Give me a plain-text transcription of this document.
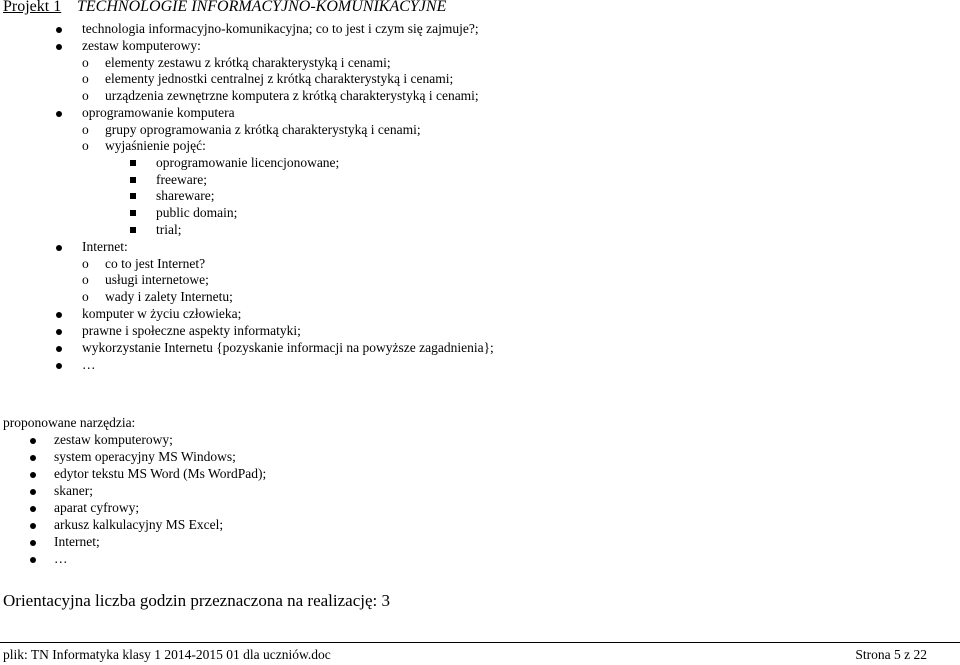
Projekt 1 TECHNOLOGIE INFORMACYJNO-KOMUNIKACYJNE
technologia informacyjno-komunikacyjna; co to jest i czym się zajmuje?;
zestaw komputerowy:
o elementy zestawu z krótką charakterystyką i cenami;
o elementy jednostki centralnej z krótką charakterystyką i cenami;
o urządzenia zewnętrzne komputera z krótką charakterystyką i cenami;
oprogramowanie komputera
o grupy oprogramowania z krótką charakterystyką i cenami;
o wyjaśnienie pojęć:
oprogramowanie licencjonowane;
freeware;
shareware;
public domain;
trial;
Internet:
o co to jest Internet?
o usługi internetowe;
o wady i zalety Internetu;
komputer w życiu człowieka;
prawne i społeczne aspekty informatyki;
wykorzystanie Internetu {pozyskanie informacji na powyższe zagadnienia};
…
proponowane narzędzia:
zestaw komputerowy;
system operacyjny MS Windows;
edytor tekstu MS Word (Ms WordPad);
skaner;
aparat cyfrowy;
arkusz kalkulacyjny MS Excel;
Internet;
…
Orientacyjna liczba godzin przeznaczona na realizację: 3
plik: TN Informatyka klasy 1 2014-2015 01 dla uczniów.doc	Strona 5 z 22
